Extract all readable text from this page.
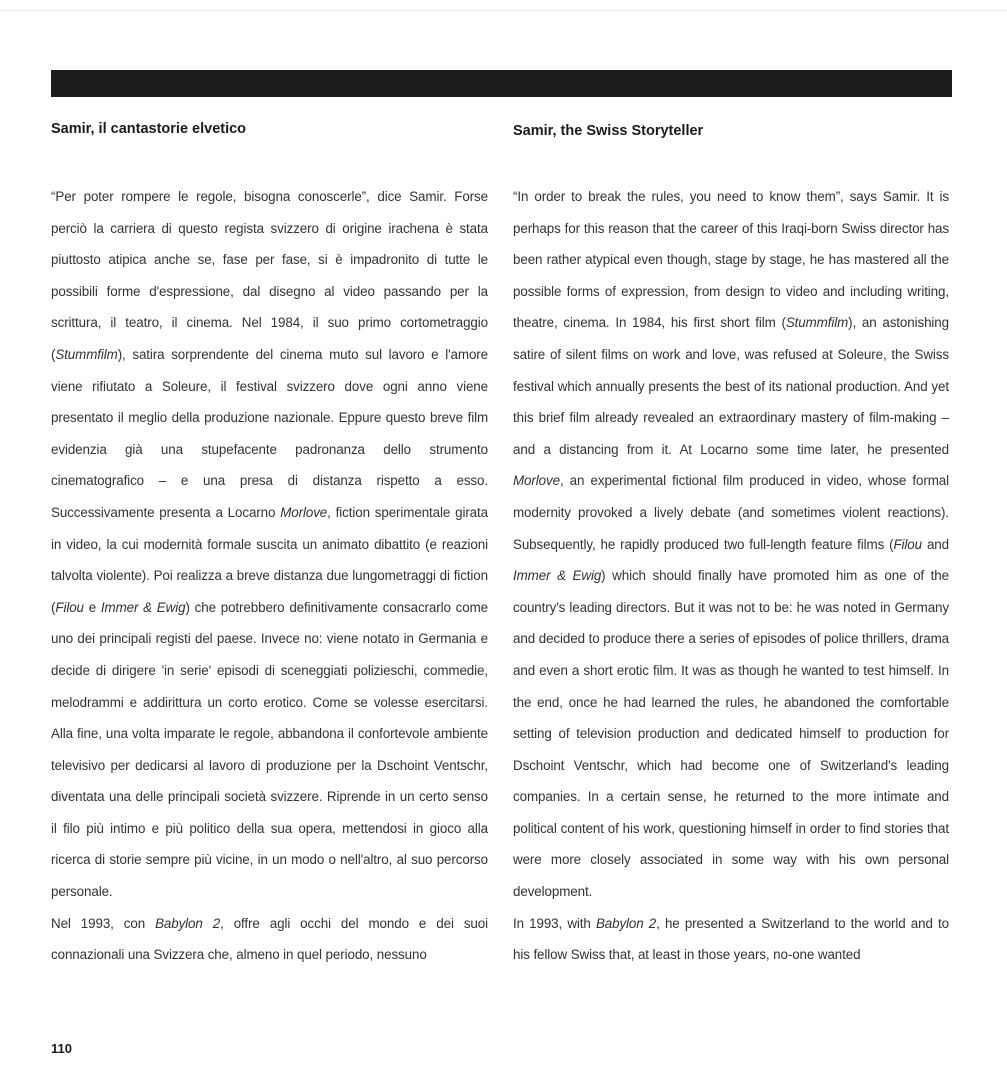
Samir, il cantastorie elvetico

“Per poter rompere le regole, bisogna conoscerle”, dice Samir. Forse perciò la carriera di questo regista svizzero di origine irachena è stata piuttosto atipica anche se, fase per fase, si è impadronito di tutte le possibili forme d'espressione, dal disegno al video passando per la scrittura, il teatro, il cinema. Nel 1984, il suo primo cortometraggio (Stummfilm), satira sorprendente del cinema muto sul lavoro e l'amore viene rifiutato a Soleure, il festival svizzero dove ogni anno viene presentato il meglio della produzione nazionale. Eppure questo breve film evidenzia già una stupefacente padronanza dello strumento cinematografico – e una presa di distanza rispetto a esso. Successivamente presenta a Locarno Morlove, fiction sperimentale girata in video, la cui modernità formale suscita un animato dibattito (e reazioni talvolta violente). Poi realizza a breve distanza due lungometraggi di fiction (Filou e Immer & Ewig) che potrebbero definitivamente consacrarlo come uno dei principali registi del paese. Invece no: viene notato in Germania e decide di dirigere 'in serie' episodi di sceneggiati polizieschi, commedie, melodrammi e addirittura un corto erotico. Come se volesse esercitarsi. Alla fine, una volta imparate le regole, abbandona il confortevole ambiente televisivo per dedicarsi al lavoro di produzione per la Dschoint Ventschr, diventata una delle principali società svizzere. Riprende in un certo senso il filo più intimo e più politico della sua opera, mettendosi in gioco alla ricerca di storie sempre più vicine, in un modo o nell'altro, al suo percorso personale.

Nel 1993, con Babylon 2, offre agli occhi del mondo e dei suoi connazionali una Svizzera che, almeno in quel periodo, nessuno

Samir, the Swiss Storyteller

“In order to break the rules, you need to know them”, says Samir. It is perhaps for this reason that the career of this Iraqi-born Swiss director has been rather atypical even though, stage by stage, he has mastered all the possible forms of expression, from design to video and including writing, theatre, cinema. In 1984, his first short film (Stummfilm), an astonishing satire of silent films on work and love, was refused at Soleure, the Swiss festival which annually presents the best of its national production. And yet this brief film already revealed an extraordinary mastery of film-making – and a distancing from it. At Locarno some time later, he presented Morlove, an experimental fictional film produced in video, whose formal modernity provoked a lively debate (and sometimes violent reactions). Subsequently, he rapidly produced two full-length feature films (Filou and Immer & Ewig) which should finally have promoted him as one of the country's leading directors. But it was not to be: he was noted in Germany and decided to produce there a series of episodes of police thrillers, drama and even a short erotic film. It was as though he wanted to test himself. In the end, once he had learned the rules, he abandoned the comfortable setting of television production and dedicated himself to production for Dschoint Ventschr, which had become one of Switzerland's leading companies. In a certain sense, he returned to the more intimate and political content of his work, questioning himself in order to find stories that were more closely associated in some way with his own personal development.

In 1993, with Babylon 2, he presented a Switzerland to the world and to his fellow Swiss that, at least in those years, no-one wanted

110
